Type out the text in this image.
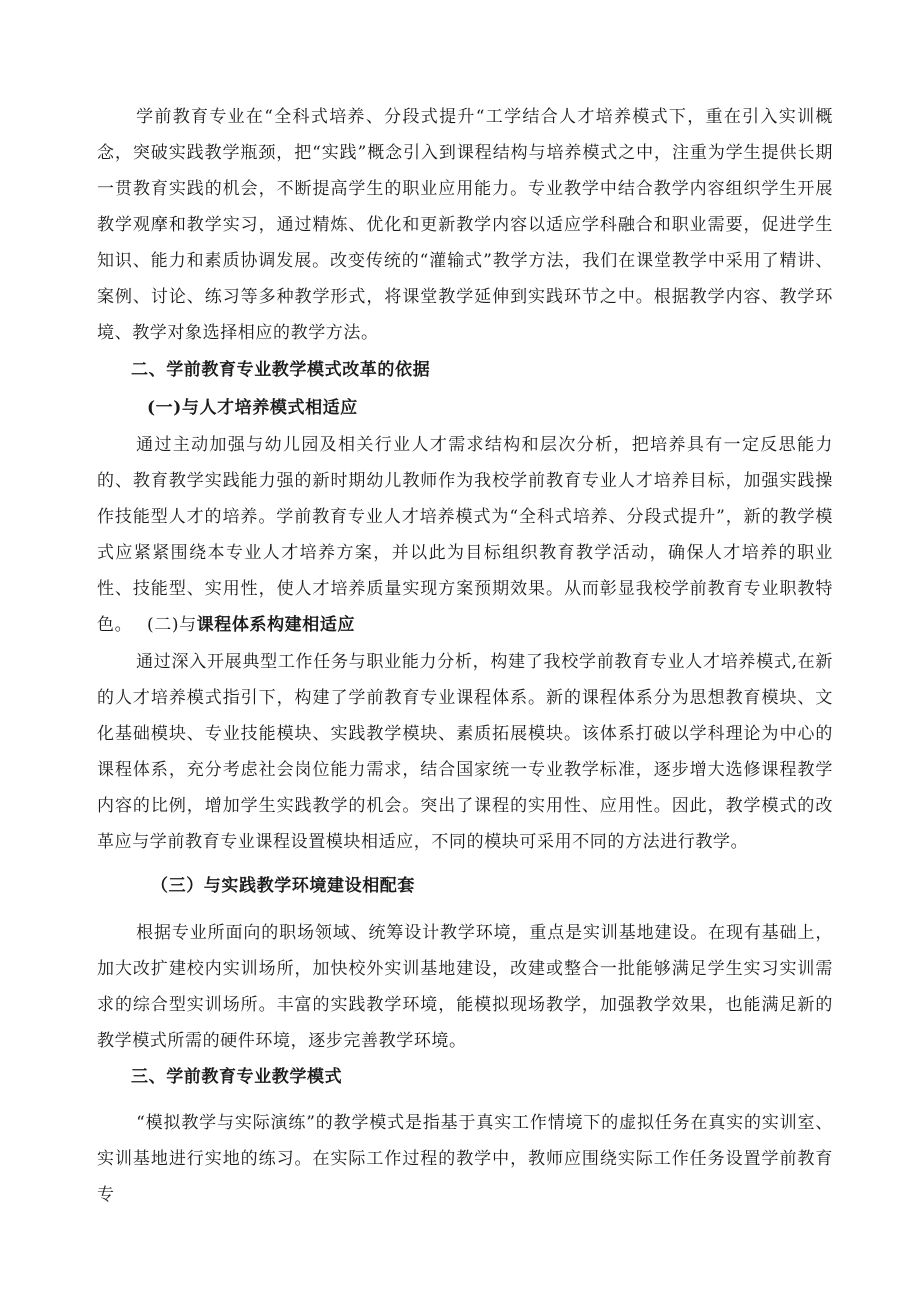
学前教育专业在“全科式培养、分段式提升“工学结合人才培养模式下，重在引入实训概念，突破实践教学瓶颈，把“实践”概念引入到课程结构与培养模式之中，注重为学生提供长期一贯教育实践的机会，不断提高学生的职业应用能力。专业教学中结合教学内容组织学生开展教学观摩和教学实习，通过精炼、优化和更新教学内容以适应学科融合和职业需要，促进学生知识、能力和素质协调发展。改变传统的“灌输式”教学方法，我们在课堂教学中采用了精讲、案例、讨论、练习等多种教学形式，将课堂教学延伸到实践环节之中。根据教学内容、教学环境、教学对象选择相应的教学方法。

二、学前教育专业教学模式改革的依据

(一)与人才培养模式相适应

通过主动加强与幼儿园及相关行业人才需求结构和层次分析，把培养具有一定反思能力的、教育教学实践能力强的新时期幼儿教师作为我校学前教育专业人才培养目标，加强实践操作技能型人才的培养。学前教育专业人才培养模式为“全科式培养、分段式提升”，新的教学模式应紧紧围绕本专业人才培养方案，并以此为目标组织教育教学活动，确保人才培养的职业性、技能型、实用性，使人才培养质量实现方案预期效果。从而彰显我校学前教育专业职教特色。 (二)与课程体系构建相适应

通过深入开展典型工作任务与职业能力分析，构建了我校学前教育专业人才培养模式,在新的人才培养模式指引下，构建了学前教育专业课程体系。新的课程体系分为思想教育模块、文化基础模块、专业技能模块、实践教学模块、素质拓展模块。该体系打破以学科理论为中心的课程体系，充分考虑社会岗位能力需求，结合国家统一专业教学标准，逐步增大选修课程教学内容的比例，增加学生实践教学的机会。突出了课程的实用性、应用性。因此，教学模式的改革应与学前教育专业课程设置模块相适应，不同的模块可采用不同的方法进行教学。

（三）与实践教学环境建设相配套

根据专业所面向的职场领域、统筹设计教学环境，重点是实训基地建设。在现有基础上，加大改扩建校内实训场所，加快校外实训基地建设，改建或整合一批能够满足学生实习实训需求的综合型实训场所。丰富的实践教学环境，能模拟现场教学，加强教学效果，也能满足新的教学模式所需的硬件环境，逐步完善教学环境。

三、学前教育专业教学模式

“模拟教学与实际演练”的教学模式是指基于真实工作情境下的虚拟任务在真实的实训室、实训基地进行实地的练习。在实际工作过程的教学中，教师应围绕实际工作任务设置学前教育专
